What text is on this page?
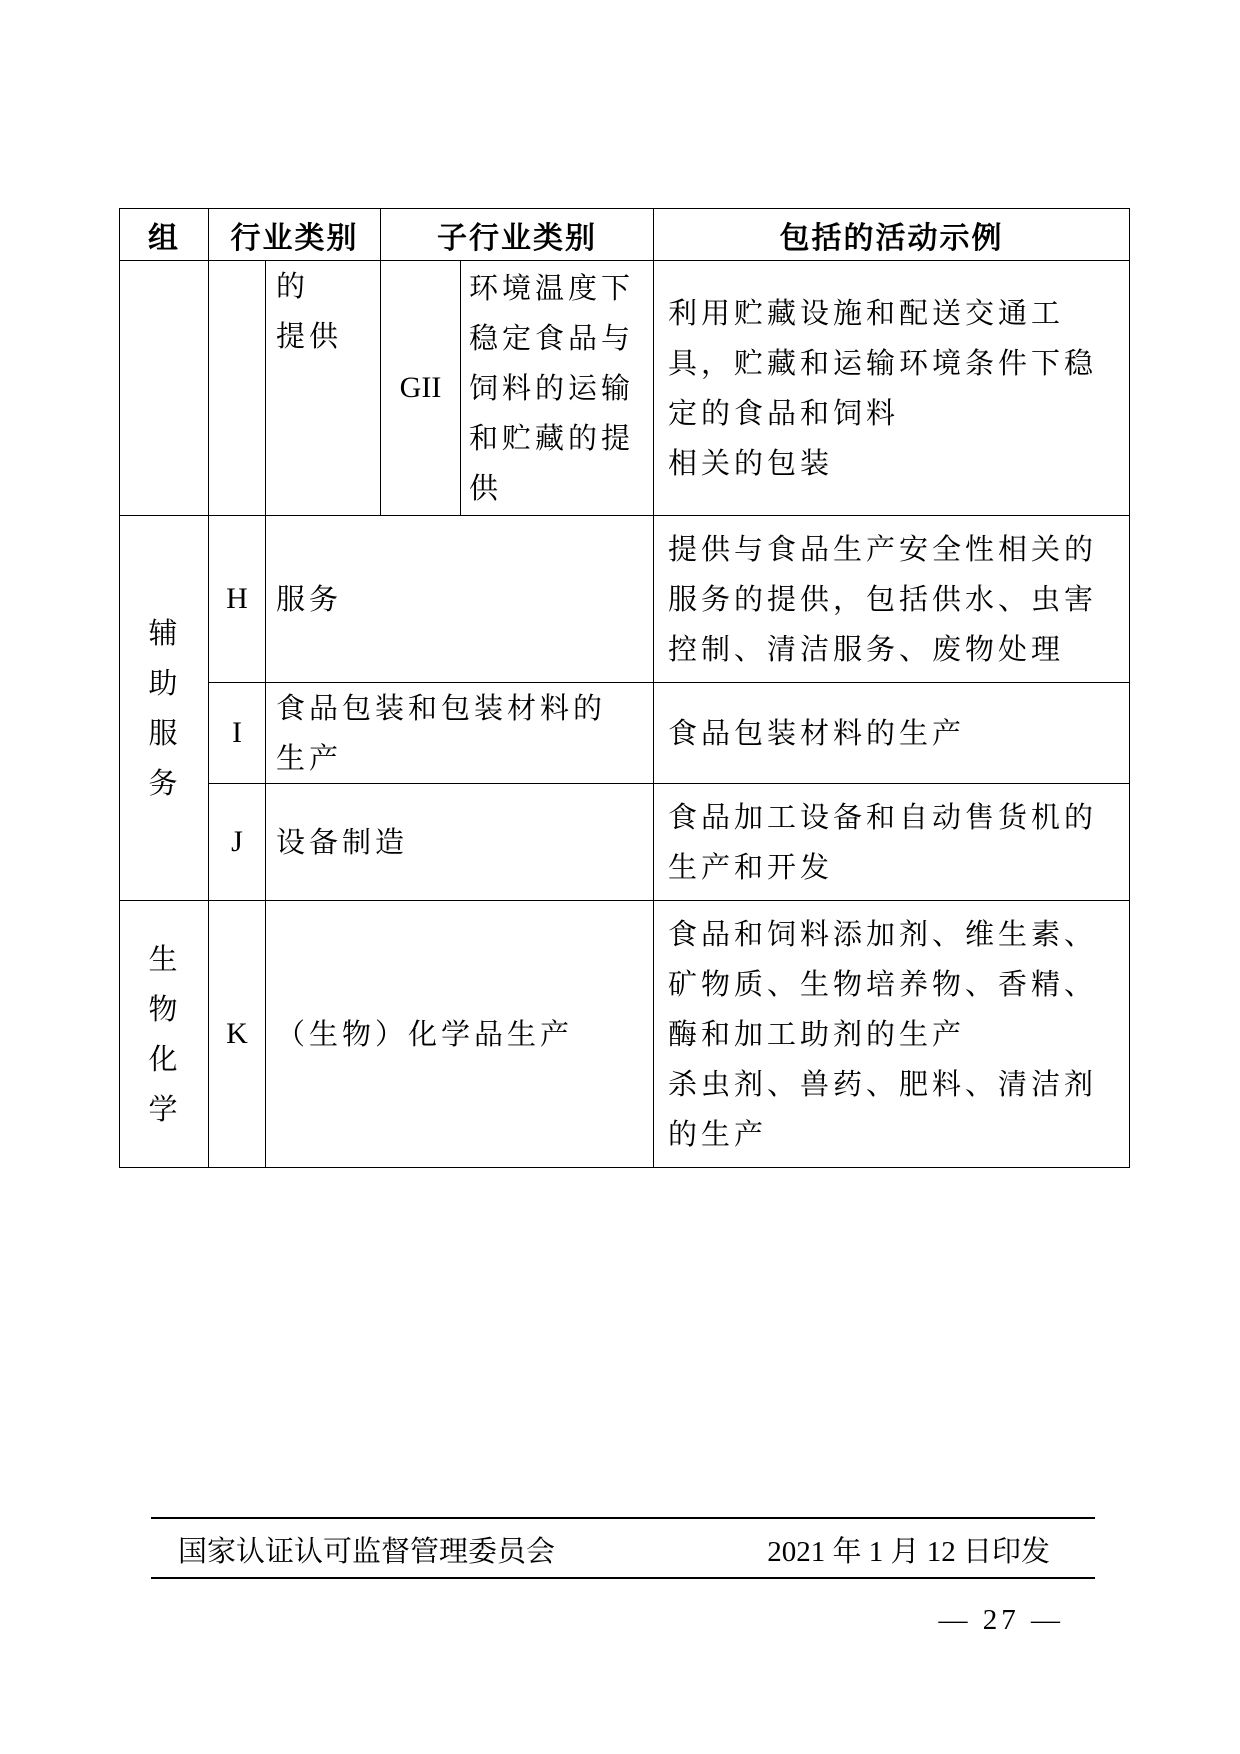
组	行业类别		子行业类别		包括的活动示例

		的
提供	GII	环境温度下稳定食品与饲料的运输和贮藏的提供	利用贮藏设施和配送交通工具，贮藏和运输环境条件下稳定的食品和饲料
相关的包装

辅助服务	H	服务			提供与食品生产安全性相关的服务的提供，包括供水、虫害控制、清洁服务、废物处理

	I	食品包装和包装材料的生产			食品包装材料的生产

	J	设备制造			食品加工设备和自动售货机的生产和开发

生物化学	K	（生物）化学品生产			食品和饲料添加剂、维生素、矿物质、生物培养物、香精、酶和加工助剂的生产
杀虫剂、兽药、肥料、清洁剂的生产
国家认证认可监督管理委员会	2021 年 1 月 12 日印发
— 27 —
